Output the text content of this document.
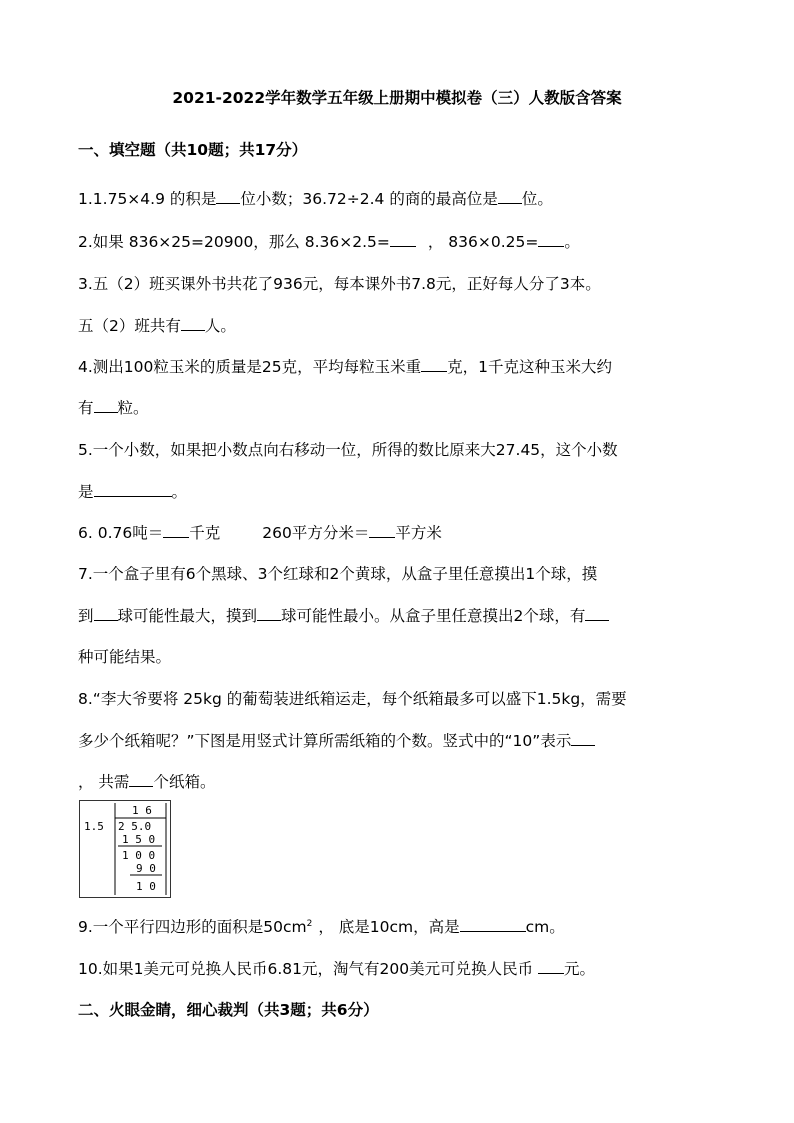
2021-2022学年数学五年级上册期中模拟卷（三）人教版含答案
一、填空题（共10题；共17分）
1.1.75×4.9 的积是 位小数；36.72÷2.4 的商的最高位是 位。
2.如果 836×25=20900，那么 8.36×2.5= ， 836×0.25= 。
3.五（2）班买课外书共花了936元，每本课外书7.8元，正好每人分了3本。
五（2）班共有 人。
4.测出100粒玉米的质量是25克，平均每粒玉米重 克，1千克这种玉米大约
有 粒。
5.一个小数，如果把小数点向右移动一位，所得的数比原来大27.45，这个小数
是	。
6. 0.76吨＝ 千克	260平方分米＝ 平方米
7.一个盒子里有6个黑球、3个红球和2个黄球，从盒子里任意摸出1个球，摸
到 球可能性最大，摸到 球可能性最小。从盒子里任意摸出2个球，有
种可能结果。
8.“李大爷要将 25kg 的葡萄装进纸箱运走，每个纸箱最多可以盛下1.5kg，需要
多少个纸箱呢？”下图是用竖式计算所需纸箱的个数。竖式中的“10”表示
， 共需 个纸箱。
1 6
1.5 2 5.0
1 5 0
1 0 0
9 0
1 0
9.一个平行四边形的面积是$50cm^2$ ， 底是10cm，高是	cm。
10.如果1美元可兑换人民币6.81元，淘气有200美元可兑换人民币 元。
二、火眼金睛，细心裁判（共3题；共6分）
